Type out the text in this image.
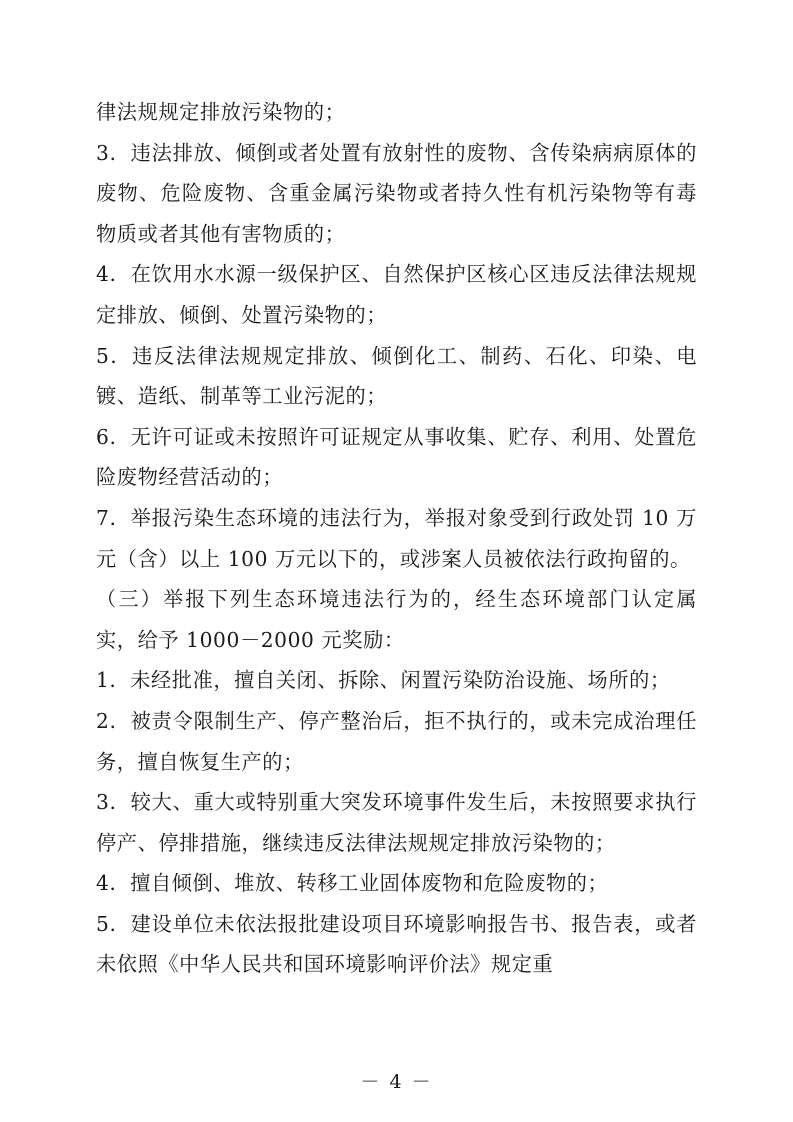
律法规规定排放污染物的；

3．违法排放、倾倒或者处置有放射性的废物、含传染病病原体的废物、危险废物、含重金属污染物或者持久性有机污染物等有毒物质或者其他有害物质的；

4．在饮用水水源一级保护区、自然保护区核心区违反法律法规规定排放、倾倒、处置污染物的；

5．违反法律法规规定排放、倾倒化工、制药、石化、印染、电镀、造纸、制革等工业污泥的；

6．无许可证或未按照许可证规定从事收集、贮存、利用、处置危险废物经营活动的；

7．举报污染生态环境的违法行为，举报对象受到行政处罚 10 万元（含）以上 100 万元以下的，或涉案人员被依法行政拘留的。

（三）举报下列生态环境违法行为的，经生态环境部门认定属实，给予 1000－2000 元奖励：

1．未经批准，擅自关闭、拆除、闲置污染防治设施、场所的；

2．被责令限制生产、停产整治后，拒不执行的，或未完成治理任务，擅自恢复生产的；

3．较大、重大或特别重大突发环境事件发生后，未按照要求执行停产、停排措施，继续违反法律法规规定排放污染物的；

4．擅自倾倒、堆放、转移工业固体废物和危险废物的；

5．建设单位未依法报批建设项目环境影响报告书、报告表，或者未依照《中华人民共和国环境影响评价法》规定重

－ 4 －
